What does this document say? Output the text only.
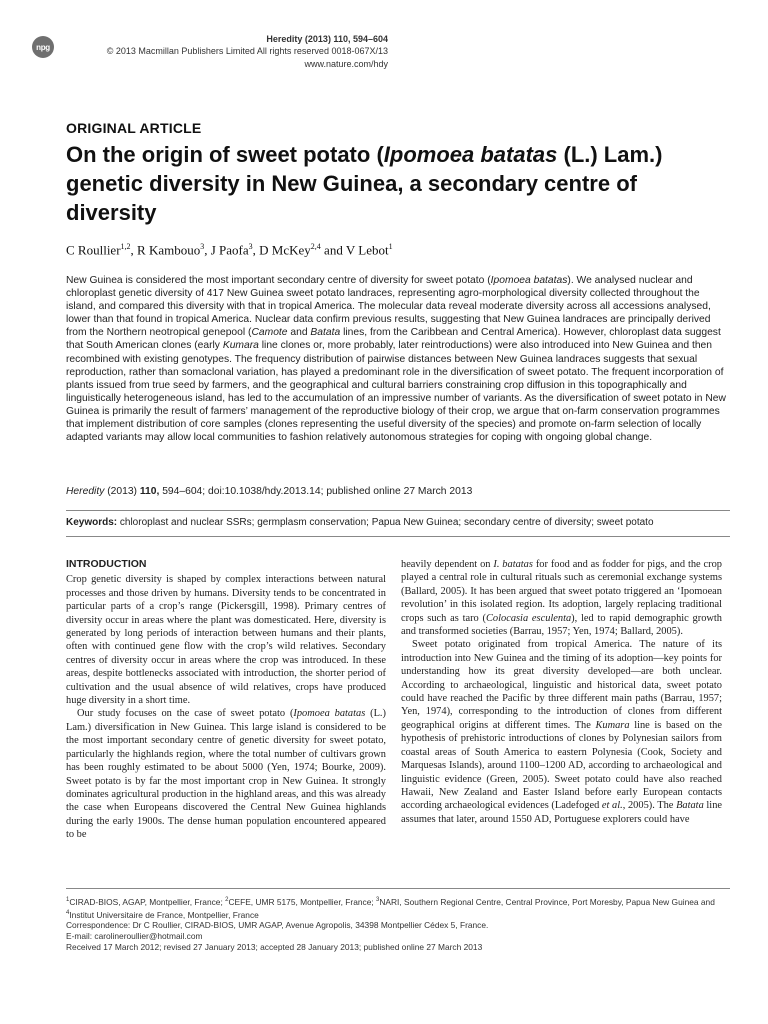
npg
Heredity (2013) 110, 594–604
© 2013 Macmillan Publishers Limited All rights reserved 0018-067X/13
www.nature.com/hdy
ORIGINAL ARTICLE
On the origin of sweet potato (Ipomoea batatas (L.) Lam.) genetic diversity in New Guinea, a secondary centre of diversity
C Roullier$^{1,2}$, R Kambouo$^3$, J Paofa$^3$, D McKey$^{2,4}$ and V Lebot$^1$

New Guinea is considered the most important secondary centre of diversity for sweet potato (Ipomoea batatas). We analysed nuclear and chloroplast genetic diversity of 417 New Guinea sweet potato landraces, representing agro-morphological diversity collected throughout the island, and compared this diversity with that in tropical America. The molecular data reveal moderate diversity across all accessions analysed, lower than that found in tropical America. Nuclear data confirm previous results, suggesting that New Guinea landraces are principally derived from the Northern neotropical genepool (Camote and Batata lines, from the Caribbean and Central America). However, chloroplast data suggest that South American clones (early Kumara line clones or, more probably, later reintroductions) were also introduced into New Guinea and then recombined with existing genotypes. The frequency distribution of pairwise distances between New Guinea landraces suggests that sexual reproduction, rather than somaclonal variation, has played a predominant role in the diversification of sweet potato. The frequent incorporation of plants issued from true seed by farmers, and the geographical and cultural barriers constraining crop diffusion in this topographically and linguistically heterogeneous island, has led to the accumulation of an impressive number of variants. As the diversification of sweet potato in New Guinea is primarily the result of farmers’ management of the reproductive biology of their crop, we argue that on-farm conservation programmes that implement distribution of core samples (clones representing the useful diversity of the species) and promote on-farm selection of locally adapted variants may allow local communities to fashion relatively autonomous strategies for coping with ongoing global change.

Heredity (2013) 110, 594–604; doi:10.1038/hdy.2013.14; published online 27 March 2013
Keywords: chloroplast and nuclear SSRs; germplasm conservation; Papua New Guinea; secondary centre of diversity; sweet potato
INTRODUCTION

Crop genetic diversity is shaped by complex interactions between natural processes and those driven by humans. Diversity tends to be concentrated in particular parts of a crop’s range (Pickersgill, 1998). Primary centres of diversity occur in areas where the plant was domesticated. Here, diversity is generated by long periods of interaction between humans and their plants, often with continued gene flow with the crop’s wild relatives. Secondary centres of diversity occur in areas where the crop was introduced. In these areas, despite bottlenecks associated with introduction, the shorter period of cultivation and the usual absence of wild relatives, crops have produced huge diversity in a short time.

Our study focuses on the case of sweet potato (Ipomoea batatas (L.) Lam.) diversification in New Guinea. This large island is considered to be the most important secondary centre of genetic diversity for sweet potato, particularly the highlands region, where the total number of cultivars grown has been roughly estimated to be about 5000 (Yen, 1974; Bourke, 2009). Sweet potato is by far the most important crop in New Guinea. It strongly dominates agricultural production in the highland areas, and this was already the case when Europeans discovered the Central New Guinea highlands during the early 1900s. The dense human population encountered appeared to be

heavily dependent on I. batatas for food and as fodder for pigs, and the crop played a central role in cultural rituals such as ceremonial exchange systems (Ballard, 2005). It has been argued that sweet potato triggered an ‘Ipomoean revolution’ in this isolated region. Its adoption, largely replacing traditional crops such as taro (Colocasia esculenta), led to rapid demographic growth and transformed societies (Barrau, 1957; Yen, 1974; Ballard, 2005).

Sweet potato originated from tropical America. The nature of its introduction into New Guinea and the timing of its adoption—key points for understanding how its great diversity developed—are both unclear. According to archaeological, linguistic and historical data, sweet potato could have reached the Pacific by three different main paths (Barrau, 1957; Yen, 1974), corresponding to the introduction of clones from different geographical origins at different times. The Kumara line is based on the hypothesis of prehistoric introductions of clones by Polynesian sailors from coastal areas of South America to eastern Polynesia (Cook, Society and Marquesas Islands), around 1100–1200 AD, according to archaeological and linguistic evidence (Green, 2005). Sweet potato could have also reached Hawaii, New Zealand and Easter Island before early European contacts according archaeological evidences (Ladefoged et al., 2005). The Batata line assumes that later, around 1550 AD, Portuguese explorers could have

$^1$CIRAD-BIOS, AGAP, Montpellier, France; $^2$CEFE, UMR 5175, Montpellier, France; $^3$NARI, Southern Regional Centre, Central Province, Port Moresby, Papua New Guinea and
$^4$Institut Universitaire de France, Montpellier, France
Correspondence: Dr C Roullier, CIRAD-BIOS, UMR AGAP, Avenue Agropolis, 34398 Montpellier Cédex 5, France.
E-mail: carolineroullier@hotmail.com
Received 17 March 2012; revised 27 January 2013; accepted 28 January 2013; published online 27 March 2013
